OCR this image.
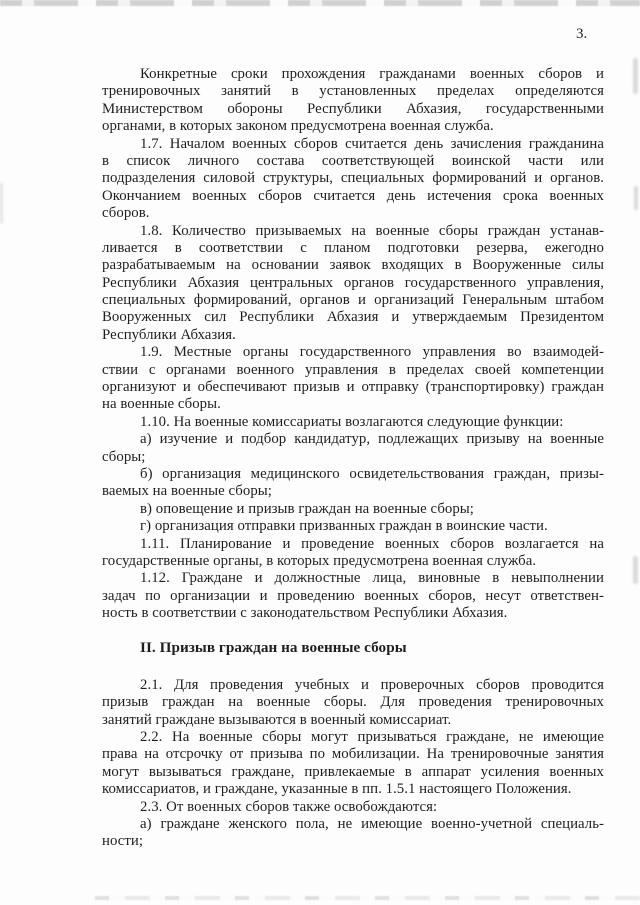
3.
Конкретные сроки прохождения гражданами военных сборов и
тренировочных занятий в установленных пределах определяются
Министерством обороны Республики Абхазия, государственными
органами, в которых законом предусмотрена военная служба.
1.7. Началом военных сборов считается день зачисления гражданина
в список личного состава соответствующей воинской части или
подразделения силовой структуры, специальных формирований и органов.
Окончанием военных сборов считается день истечения срока военных
сборов.
1.8. Количество призываемых на военные сборы граждан устанав-
ливается в соответствии с планом подготовки резерва, ежегодно
разрабатываемым на основании заявок входящих в Вооруженные силы
Республики Абхазия центральных органов государственного управления,
специальных формирований, органов и организаций Генеральным штабом
Вооруженных сил Республики Абхазия и утверждаемым Президентом
Республики Абхазия.
1.9. Местные органы государственного управления во взаимодей-
ствии с органами военного управления в пределах своей компетенции
организуют и обеспечивают призыв и отправку (транспортировку) граждан
на военные сборы.
1.10. На военные комиссариаты возлагаются следующие функции:
а) изучение и подбор кандидатур, подлежащих призыву на военные
сборы;
б) организация медицинского освидетельствования граждан, призы-
ваемых на военные сборы;
в) оповещение и призыв граждан на военные сборы;
г) организация отправки призванных граждан в воинские части.
1.11. Планирование и проведение военных сборов возлагается на
государственные органы, в которых предусмотрена военная служба.
1.12. Граждане и должностные лица, виновные в невыполнении
задач по организации и проведению военных сборов, несут ответствен-
ность в соответствии с законодательством Республики Абхазия.
II. Призыв граждан на военные сборы
2.1. Для проведения учебных и проверочных сборов проводится
призыв граждан на военные сборы. Для проведения тренировочных
занятий граждане вызываются в военный комиссариат.
2.2. На военные сборы могут призываться граждане, не имеющие
права на отсрочку от призыва по мобилизации. На тренировочные занятия
могут вызываться граждане, привлекаемые в аппарат усиления военных
комиссариатов, и граждане, указанные в пп. 1.5.1 настоящего Положения.
2.3. От военных сборов также освобождаются:
а) граждане женского пола, не имеющие военно-учетной специаль-
ности;
